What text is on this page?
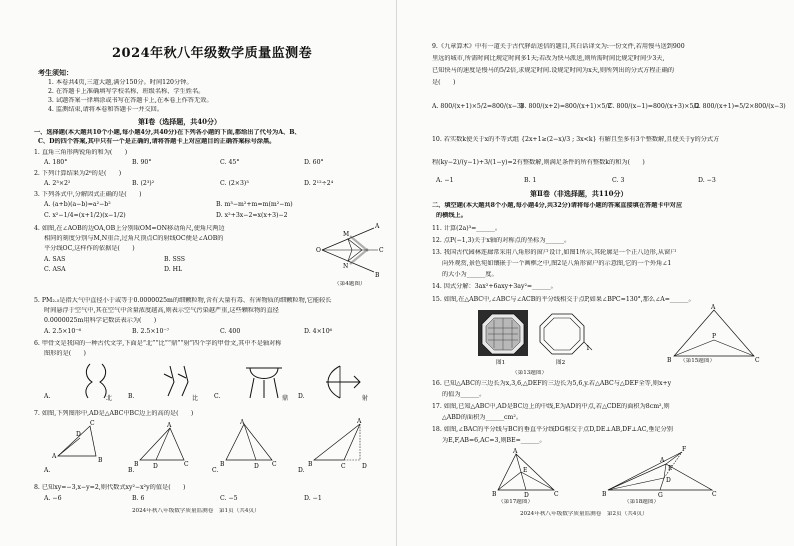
2024年秋八年级数学质量监测卷
考生须知：
1. 本卷共4页,三道大题,满分150分。时间120分钟。
2. 在答题卡上准确填写学校名称、班级名称、学生姓名。
3. 试题答案一律填涂或书写在答题卡上,在本卷上作答无效。
4. 监测结束,请将本卷和答题卡一并交回。
第Ⅰ卷（选择题，共40分）
一、选择题(本大题共10个小题,每小题4分,共40分)在下列各小题的下面,都给出了代号为A、B、
C、D的四个答案,其中只有一个是正确的,请将答题卡上对应题目的正确答案标号涂黑。
1. 直角三角形两锐角的和为(　　)
A. 180°	B. 90°	C. 45°	D. 60°
2. 下列计算结果为2⁶的是(　　)
A. 2³×2²	B. (2³)²	C. (2×3)³	D. 2¹²÷2⁴
3. 下列各式中,分解因式正确的是(　　)
A. (a+b)(a−b)=a²−b²	B. m³−m²+m=m(m²−m)
C. x²−1/4=(x+1/2)(x−1/2)	D. x²+3x−2=x(x+3)−2
4. 如图,在∠AOB的边OA,OB上分别取OM=ON移动角尺,使角尺两边
相同的刻度分别与M,N重合,过角尺顶点C的射线OC便是∠AOB的
平分线OC,这样作的依据是(　　)
A. SAS	B. SSS
C. ASA	D. HL
A
M
O	C
N
B
（第4题图）
5. PM₂.₅是指大气中直径小于或等于0.0000025m的细颗粒物,含有大量有毒、有害物质的细颗粒物,它能较长
时间悬浮于空气中,其在空气中含量浓度越高,则表示空气污染越严重,这些颗粒物的直径
0.0000025m用科学记数法表示为(　　)
A. 2.5×10⁻⁶	B. 2.5×10⁻⁷	C. 400	D. 4×10⁶
6. 甲骨文是我国的一种古代文字,下面是“北”“比”“鼎”“射”四个字的甲骨文,其中不是轴对称
图形的是(　　)
A.	B.	C.	D.
北	比	鼎	射
7. 如图,下列图形中,AD是△ABC中BC边上的高的是(　　)
A
B
C
D
A
B	C
D
A
B	C
D
A
B	C	D
A.	B.	C.	D.
8. 已知xy=−3,x−y=2,则代数式xy²−x²y的值是(　　)
A. −6	B. 6	C. −5	D. −1
2024年秋八年级数学质量监测卷　第1页（共4页）
9.《九章算术》中有一道关于古代驿站送信的题目,其白话译文为:一份文件,若用慢马送到900
里远的城市,所需时间比规定时间多1天;若改为快马派送,则所需时间比规定时间少3天,
已知快马的速度是慢马的5/2倍,求规定时间.设规定时间为x天,则所列出的分式方程正确的
是(　　)
A. 800/(x+1)×5/2=800/(x−3)
B. 800/(x+2)=800/(x+1)×5/2
C. 800/(x−1)=800/(x+3)×5/2
D. 800/(x+1)=5/2×800/(x−3)
10. 若实数k使关于x的不等式组 {2x+1≥(2−x)/3 ; 3x<k} 有解且至多有3个整数解,且使关于y的分式方
程(ky−2)/(y−1)+3/(1−y)=2有整数解,则满足条件的所有整数k的和为(　　)
A. −1	B. 1	C. 3	D. −3
第Ⅱ卷（非选择题，共110分）
二、填空题(本大题共8个小题,每小题4分,共32分)请将每小题的答案直接填在答题卡中对应
的横线上。
11. 计算(2a)³=______。
12. 点P(−1,3)关于x轴的对称点的坐标为______。
13. 我国古代园林连廊常采用八角形的窗户设计,如图1所示,其轮廓是一个正八边形,从窗户
向外观赏,景色宛如镶嵌于一个画框之中,图2是八角形窗户的示意图,它的一个外角∠1
的大小为______度。
14. 因式分解：3ax²+6axy+3ay²=______。
15. 如图,在△ABC中,∠ABC与∠ACB的平分线相交于点P,如果∠BPC=130°,那么∠A=______。
1
图1	图2
（第13题图）
A
P
B	C
（第15题图）
16. 已知△ABC的三边长为x,3,6,△DEF的三边长为5,6,y.若△ABC与△DEF全等,则x+y
的值为______。
17. 如图,已知△ABC中,AD是BC边上的中线,E为AD的中点,若△CDE的面积为8cm²,则
△ABD的面积为______cm²。
18. 如图,∠BAC的平分线与BC的垂直平分线DG相交于点D,DE⊥AB,DF⊥AC,垂足分别
为E,F,AB=6,AC=3,则BE=______。
A
E
B	D	C
（第17题图）
F
A
E
D
B	G	C
（第18题图）
2024年秋八年级数学质量监测卷　第2页（共4页）
